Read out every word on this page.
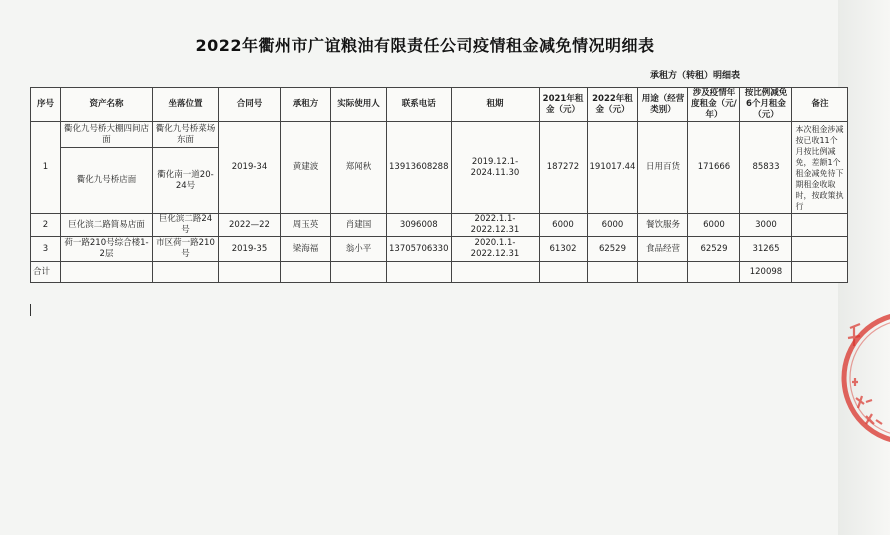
2022年衢州市广谊粮油有限责任公司疫情租金减免情况明细表
承租方（转租）明细表
序号	资产名称	坐落位置	合同号	承租方	实际使用人	联系电话	租期	2021年租金（元）	2022年租金（元）	用途（经营类别）	涉及疫情年度租金（元/年）	按比例减免6个月租金（元）	备注
1	衢化九号桥大棚四间店面	衢化九号桥菜场东面	2019-34	黄建波	郑闻秋	13913608288	2019.12.1-2024.11.30	187272	191017.44	日用百货	171666	85833	本次租金涉减按已收11个月按比例减免，差额1个租金减免待下期租金收取时，按政策执行
	衢化九号桥店面	衢化南一道20-24号											
2	巨化滨二路简易店面	巨化滨二路24号	2022—22	周玉英	肖建国	3096008	2022.1.1-2022.12.31	6000	6000	餐饮服务	6000	3000	
3	荷一路210号综合楼1-2层	市区荷一路210号	2019-35	梁海福	翁小平	13705706330	2020.1.1-2022.12.31	61302	62529	食品经营	62529	31265	
合计												120098	
